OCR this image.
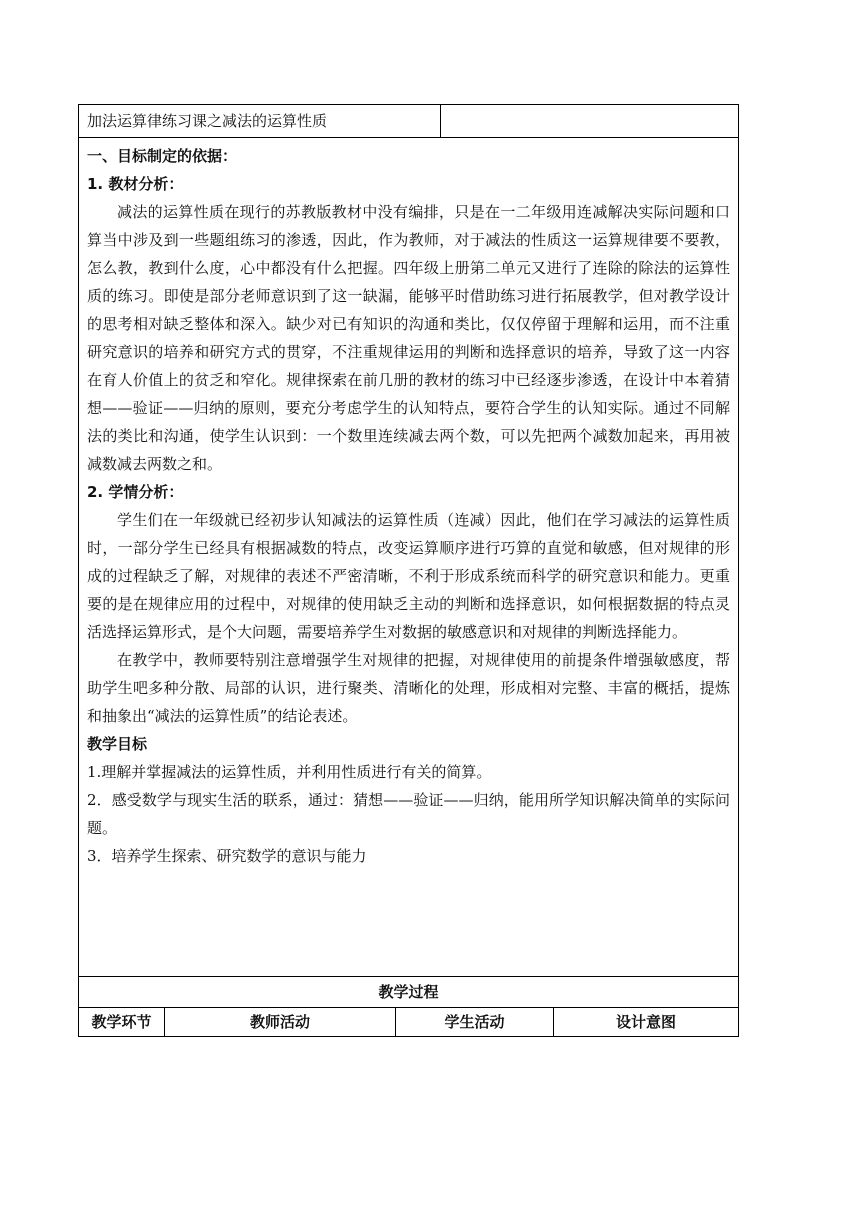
加法运算律练习课之减法的运算性质
一、目标制定的依据：
1. 教材分析：

减法的运算性质在现行的苏教版教材中没有编排，只是在一二年级用连减解决实际问题和口算当中涉及到一些题组练习的渗透，因此，作为教师，对于减法的性质这一运算规律要不要教，怎么教，教到什么度，心中都没有什么把握。四年级上册第二单元又进行了连除的除法的运算性质的练习。即使是部分老师意识到了这一缺漏，能够平时借助练习进行拓展教学，但对教学设计的思考相对缺乏整体和深入。缺少对已有知识的沟通和类比，仅仅停留于理解和运用，而不注重研究意识的培养和研究方式的贯穿，不注重规律运用的判断和选择意识的培养，导致了这一内容在育人价值上的贫乏和窄化。规律探索在前几册的教材的练习中已经逐步渗透，在设计中本着猜想——验证——归纳的原则，要充分考虑学生的认知特点，要符合学生的认知实际。通过不同解法的类比和沟通，使学生认识到：一个数里连续减去两个数，可以先把两个减数加起来，再用被减数减去两数之和。

2. 学情分析：

学生们在一年级就已经初步认知减法的运算性质（连减）因此，他们在学习减法的运算性质时，一部分学生已经具有根据减数的特点，改变运算顺序进行巧算的直觉和敏感，但对规律的形成的过程缺乏了解，对规律的表述不严密清晰，不利于形成系统而科学的研究意识和能力。更重要的是在规律应用的过程中，对规律的使用缺乏主动的判断和选择意识，如何根据数据的特点灵活选择运算形式，是个大问题，需要培养学生对数据的敏感意识和对规律的判断选择能力。

在教学中，教师要特别注意增强学生对规律的把握，对规律使用的前提条件增强敏感度，帮助学生吧多种分散、局部的认识，进行聚类、清晰化的处理，形成相对完整、丰富的概括，提炼和抽象出“减法的运算性质”的结论表述。

教学目标

1.理解并掌握减法的运算性质，并利用性质进行有关的简算。

2．感受数学与现实生活的联系，通过：猜想——验证——归纳，能用所学知识解决简单的实际问题。

3．培养学生探索、研究数学的意识与能力

教学过程
教学环节	教师活动	学生活动	设计意图
